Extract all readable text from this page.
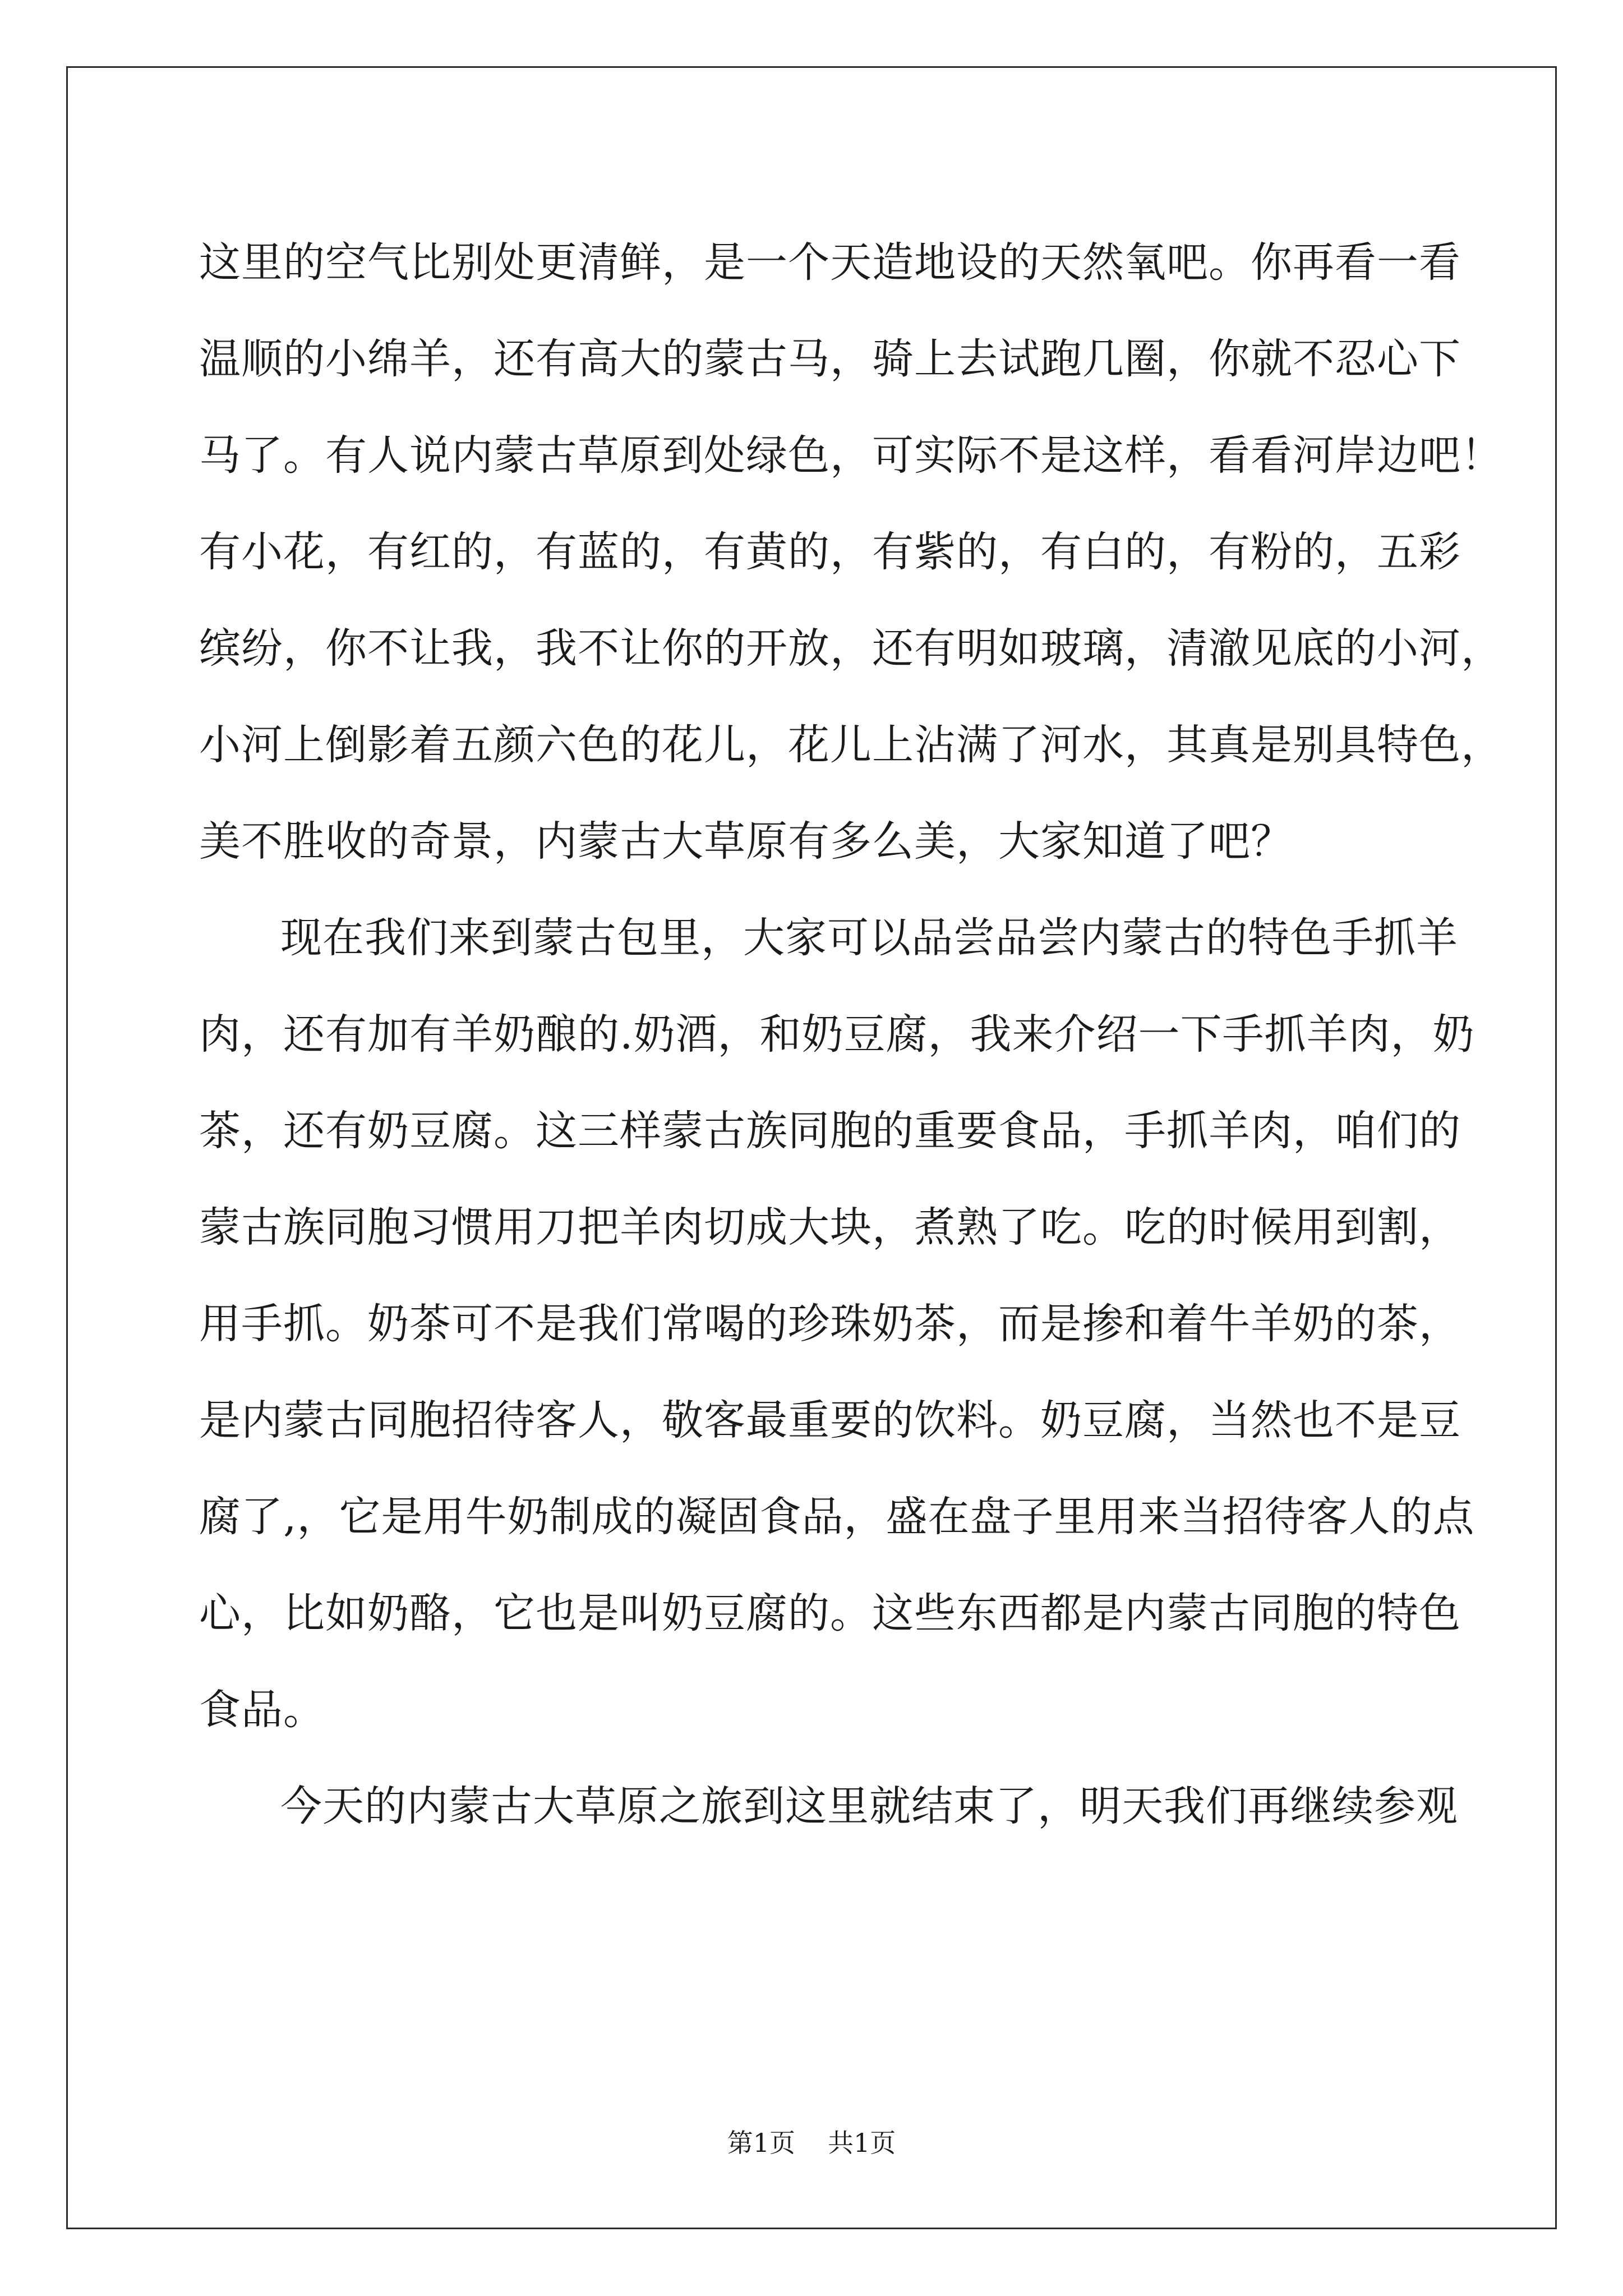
这里的空气比别处更清鲜，是一个天造地设的天然氧吧。你再看一看
温顺的小绵羊，还有高大的蒙古马，骑上去试跑几圈，你就不忍心下
马了。有人说内蒙古草原到处绿色，可实际不是这样，看看河岸边吧！
有小花，有红的，有蓝的，有黄的，有紫的，有白的，有粉的，五彩
缤纷，你不让我，我不让你的开放，还有明如玻璃，清澈见底的小河，
小河上倒影着五颜六色的花儿，花儿上沾满了河水，其真是别具特色，
美不胜收的奇景，内蒙古大草原有多么美，大家知道了吧？
现在我们来到蒙古包里，大家可以品尝品尝内蒙古的特色手抓羊
肉，还有加有羊奶酿的.奶酒，和奶豆腐，我来介绍一下手抓羊肉，奶
茶，还有奶豆腐。这三样蒙古族同胞的重要食品，手抓羊肉，咱们的
蒙古族同胞习惯用刀把羊肉切成大块，煮熟了吃。吃的时候用到割，
用手抓。奶茶可不是我们常喝的珍珠奶茶，而是掺和着牛羊奶的茶，
是内蒙古同胞招待客人，敬客最重要的饮料。奶豆腐，当然也不是豆
腐了,，它是用牛奶制成的凝固食品，盛在盘子里用来当招待客人的点
心，比如奶酪，它也是叫奶豆腐的。这些东西都是内蒙古同胞的特色
食品。
今天的内蒙古大草原之旅到这里就结束了，明天我们再继续参观
第1页 共1页
